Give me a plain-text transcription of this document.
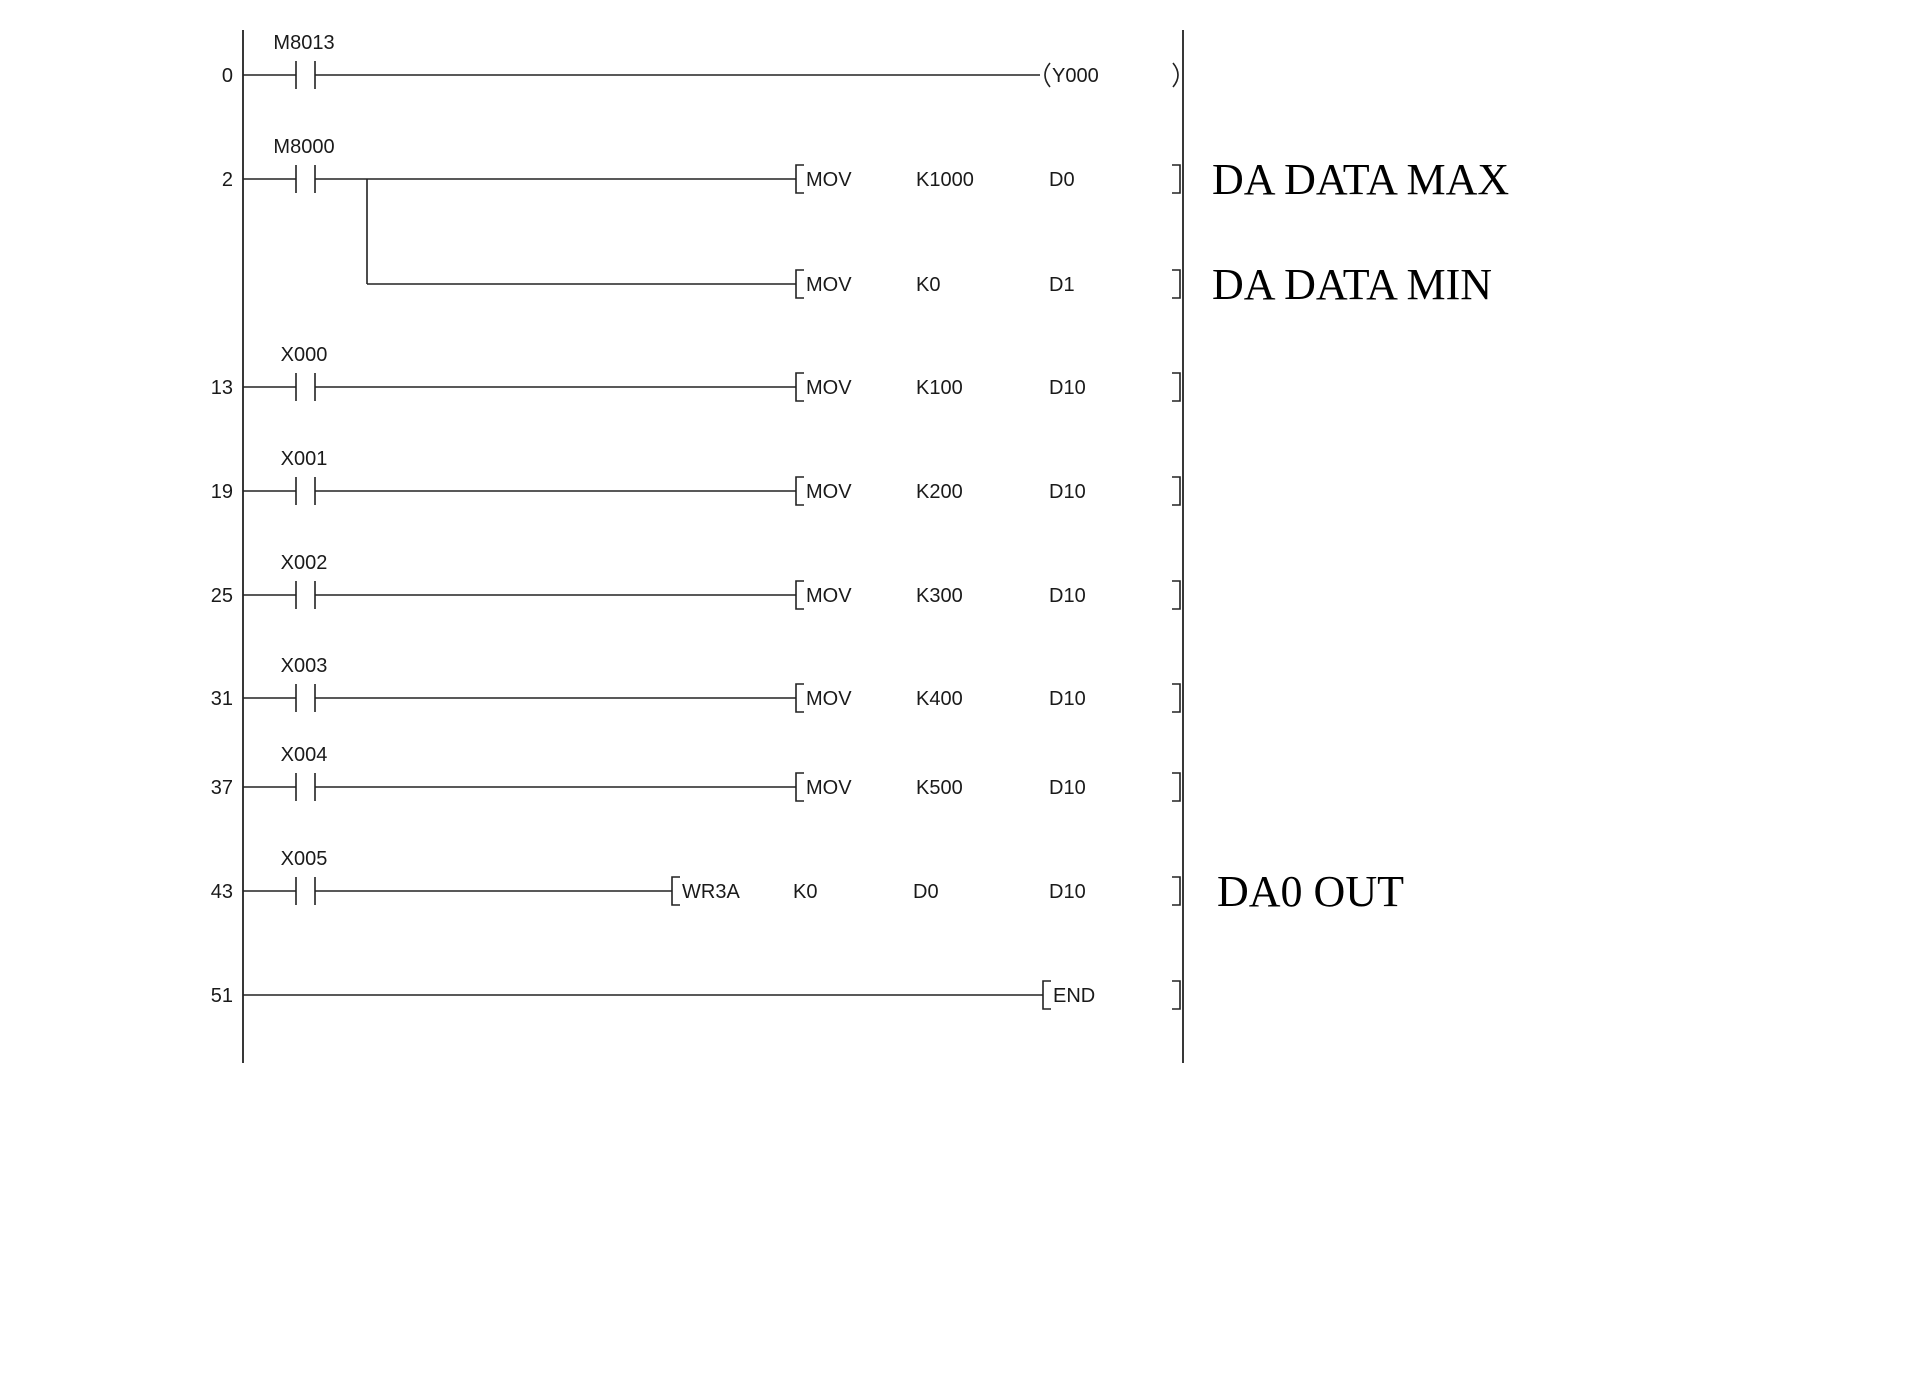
0
M8013
Y000
2
M8000
MOV	K1000	D0	DA DATA MAX
MOV	K0	D1	DA DATA MIN
13
X000
MOV	K100	D10
19
X001
MOV	K200	D10
25
X002
MOV	K300	D10
31
X003
MOV	K400	D10
37
X004
MOV	K500	D10
43
X005
WR3A	K0	D0	D10	DA0 OUT
51	END
